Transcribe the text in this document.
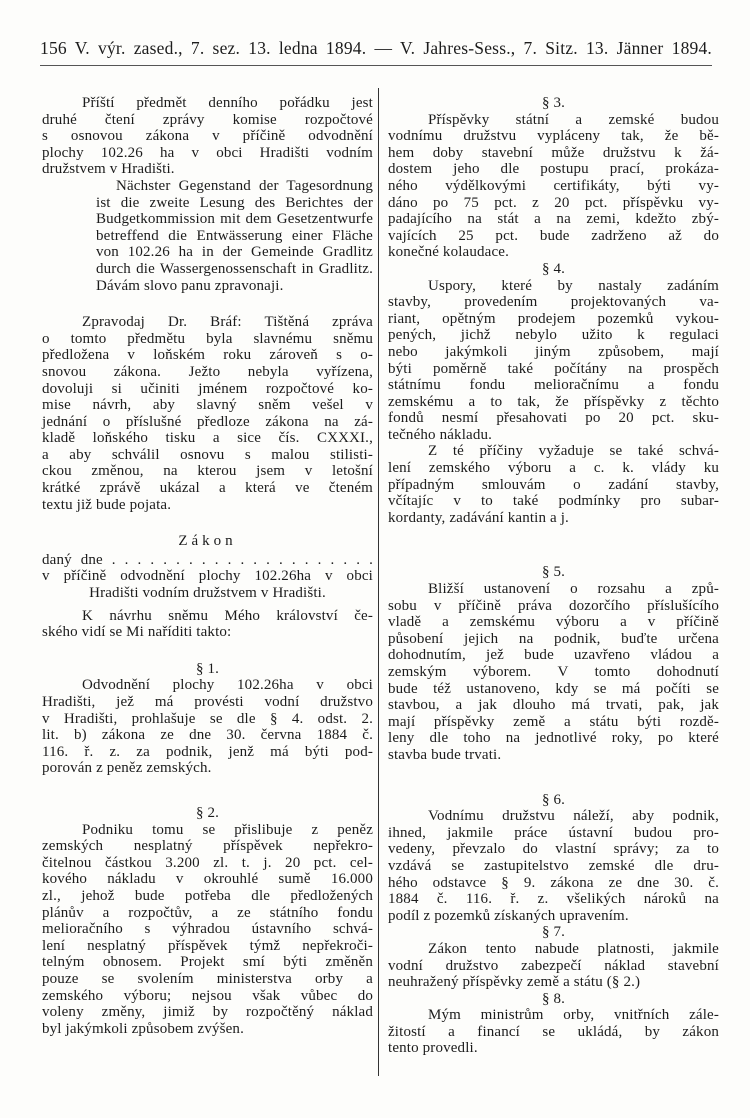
156 V. výr. zased., 7. sez. 13. ledna 1894. — V. Jahres-Sess., 7. Sitz. 13. Jänner 1894.
Příští předmět denního pořádku jest
druhé čtení zprávy komise rozpočtové
s osnovou zákona v příčině odvodnění
plochy 102.26 ha v obci Hradišti vodním
družstvem v Hradišti.
Nächster Gegenstand der Tagesordnung
ist die zweite Lesung des Berichtes der
Budgetkommission mit dem Gesetzentwurfe
betreffend die Entwässerung einer Fläche
von 102.26 ha in der Gemeinde Gradlitz
durch die Wassergenossenschaft in Gradlitz.
Dávám slovo panu zpravonaji.
Zpravodaj Dr. Bráf: Tištěná zpráva
o tomto předmětu byla slavnému sněmu
předložena v loňském roku zároveň s o-
snovou zákona. Ježto nebyla vyřízena,
dovoluji si učiniti jménem rozpočtové ko-
mise návrh, aby slavný sněm vešel v
jednání o příslušné předloze zákona na zá-
kladě loňského tisku a sice čís. CXXXI.,
a aby schválil osnovu s malou stilisti-
ckou změnou, na kterou jsem v letošní
krátké zprávě ukázal a která ve čteném
textu již bude pojata.
Zákon
daný dne . . . . . . . . . . . . . . . . . . . . .
v příčině odvodnění plochy 102.26ha v obci
Hradišti vodním družstvem v Hradišti.
K návrhu sněmu Mého království če-
ského vidí se Mi naříditi takto:
§ 1.
Odvodnění plochy 102.26ha v obci
Hradišti, jež má provésti vodní družstvo
v Hradišti, prohlašuje se dle § 4. odst. 2.
lit. b) zákona ze dne 30. června 1884 č.
116. ř. z. za podnik, jenž má býti pod-
porován z peněz zemských.
§ 2.
Podniku tomu se přislibuje z peněz
zemských nesplatný příspěvek nepřekro-
čitelnou částkou 3.200 zl. t. j. 20 pct. cel-
kového nákladu v okrouhlé sumě 16.000
zl., jehož bude potřeba dle předložených
plánův a rozpočtův, a ze státního fondu
melioračního s výhradou ústavního schvá-
lení nesplatný příspěvek týmž nepřekroči-
telným obnosem. Projekt smí býti změněn
pouze se svolením ministerstva orby a
zemského výboru; nejsou však vůbec do
voleny změny, jimiž by rozpočtěný náklad
byl jakýmkoli způsobem zvýšen.
§ 3.
Příspěvky státní a zemské budou
vodnímu družstvu vypláceny tak, že bě-
hem doby stavební může družstvu k žá-
dostem jeho dle postupu prací, prokáza-
ného výdělkovými certifikáty, býti vy-
dáno po 75 pct. z 20 pct. příspěvku vy-
padajícího na stát a na zemi, kdežto zbý-
vajících 25 pct. bude zadrženo až do
konečné kolaudace.
§ 4.
Uspory, které by nastaly zadáním
stavby, provedením projektovaných va-
riant, opětným prodejem pozemků vykou-
pených, jichž nebylo užito k regulaci
nebo jakýmkoli jiným způsobem, mají
býti poměrně také počítány na prospěch
státnímu fondu melioračnímu a fondu
zemskému a to tak, že příspěvky z těchto
fondů nesmí přesahovati po 20 pct. sku-
tečného nákladu.
Z té příčiny vyžaduje se také schvá-
lení zemského výboru a c. k. vlády ku
případným smlouvám o zadání stavby,
včítajíc v to také podmínky pro subar-
kordanty, zadávání kantin a j.
§ 5.
Bližší ustanovení o rozsahu a způ-
sobu v příčině práva dozorčího příslušícího
vladě a zemskému výboru a v příčině
působení jejich na podnik, buďte určena
dohodnutím, jež bude uzavřeno vládou a
zemským výborem. V tomto dohodnutí
bude též ustanoveno, kdy se má počíti se
stavbou, a jak dlouho má trvati, pak, jak
mají příspěvky země a státu býti rozdě-
leny dle toho na jednotlivé roky, po které
stavba bude trvati.
§ 6.
Vodnímu družstvu náleží, aby podnik,
ihned, jakmile práce ústavní budou pro-
vedeny, převzalo do vlastní správy; za to
vzdává se zastupitelstvo zemské dle dru-
hého odstavce § 9. zákona ze dne 30. č.
1884 č. 116. ř. z. všelikých nároků na
podíl z pozemků získaných upravením.
§ 7.
Zákon tento nabude platnosti, jakmile
vodní družstvo zabezpečí náklad stavební
neuhražený příspěvky země a státu (§ 2.)
§ 8.
Mým ministrům orby, vnitřních zále-
žitostí a financí se ukládá, by zákon
tento provedli.
